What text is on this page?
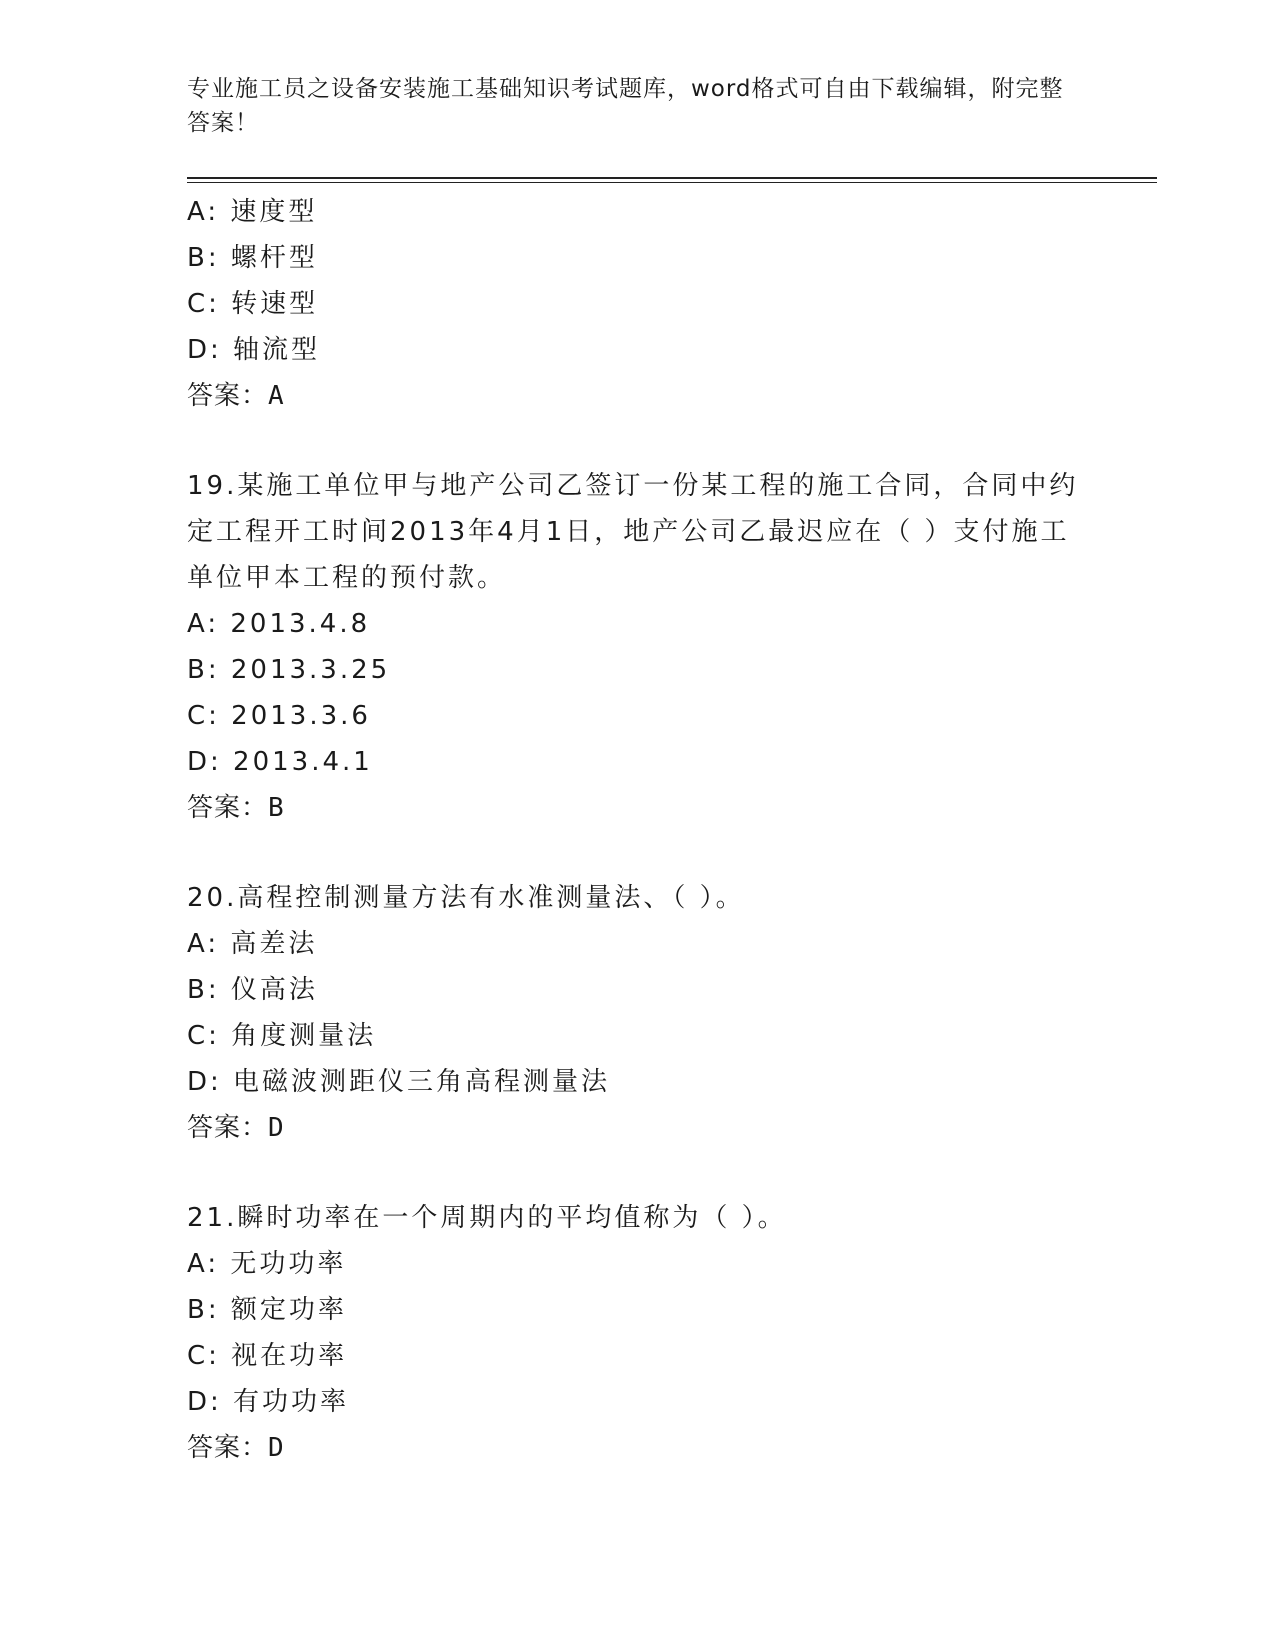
专业施工员之设备安装施工基础知识考试题库，word格式可自由下载编辑，附完整答案！
A: 速度型
B: 螺杆型
C: 转速型
D: 轴流型
答案：A
19.某施工单位甲与地产公司乙签订一份某工程的施工合同，合同中约定工程开工时间2013年4月1日，地产公司乙最迟应在（ ）支付施工单位甲本工程的预付款。
A: 2013.4.8
B: 2013.3.25
C: 2013.3.6
D: 2013.4.1
答案：B
20.高程控制测量方法有水准测量法、（ ）。
A: 高差法
B: 仪高法
C: 角度测量法
D: 电磁波测距仪三角高程测量法
答案：D
21.瞬时功率在一个周期内的平均值称为（ ）。
A: 无功功率
B: 额定功率
C: 视在功率
D: 有功功率
答案：D
